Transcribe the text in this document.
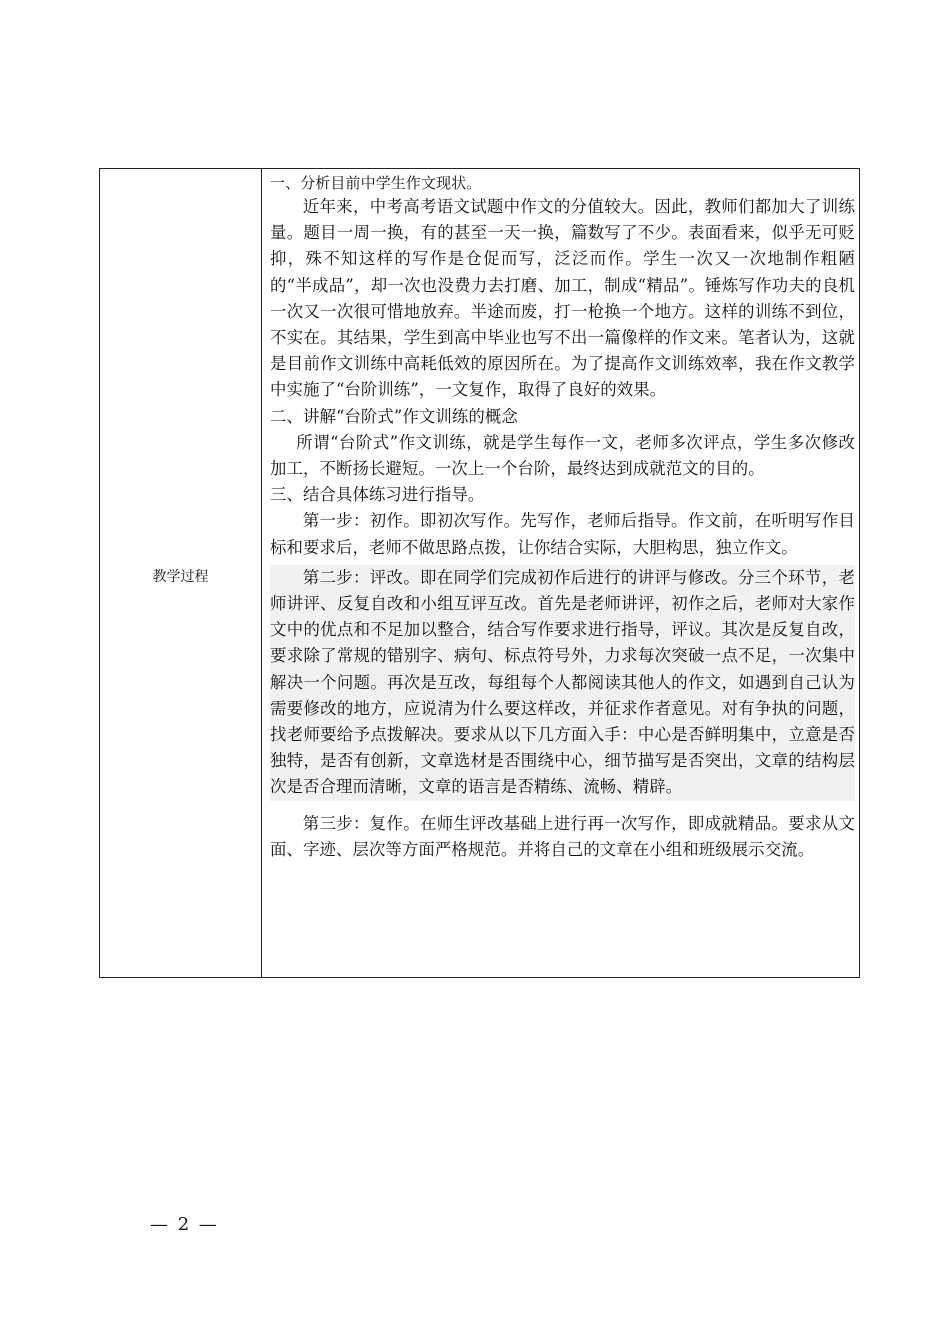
教学过程

一、分析目前中学生作文现状。

近年来，中考高考语文试题中作文的分值较大。因此，教师们都加大了训练量。题目一周一换，有的甚至一天一换，篇数写了不少。表面看来，似乎无可贬抑，殊不知这样的写作是仓促而写，泛泛而作。学生一次又一次地制作粗陋的“半成品”，却一次也没费力去打磨、加工，制成“精品”。锤炼写作功夫的良机一次又一次很可惜地放弃。半途而废，打一枪换一个地方。这样的训练不到位，不实在。其结果，学生到高中毕业也写不出一篇像样的作文来。笔者认为，这就是目前作文训练中高耗低效的原因所在。为了提高作文训练效率，我在作文教学中实施了“台阶训练”，一文复作，取得了良好的效果。

二、讲解“台阶式”作文训练的概念

所谓“台阶式”作文训练，就是学生每作一文，老师多次评点，学生多次修改加工，不断扬长避短。一次上一个台阶，最终达到成就范文的目的。

三、结合具体练习进行指导。

第一步：初作。即初次写作。先写作，老师后指导。作文前，在听明写作目标和要求后，老师不做思路点拨，让你结合实际，大胆构思，独立作文。

第二步：评改。即在同学们完成初作后进行的讲评与修改。分三个环节，老师讲评、反复自改和小组互评互改。首先是老师讲评，初作之后，老师对大家作文中的优点和不足加以整合，结合写作要求进行指导，评议。其次是反复自改，要求除了常规的错别字、病句、标点符号外，力求每次突破一点不足，一次集中解决一个问题。再次是互改，每组每个人都阅读其他人的作文，如遇到自己认为需要修改的地方，应说清为什么要这样改，并征求作者意见。对有争执的问题，找老师要给予点拨解决。要求从以下几方面入手：中心是否鲜明集中，立意是否独特，是否有创新，文章选材是否围绕中心，细节描写是否突出，文章的结构层次是否合理而清晰，文章的语言是否精练、流畅、精辟。

第三步：复作。在师生评改基础上进行再一次写作，即成就精品。要求从文面、字迹、层次等方面严格规范。并将自己的文章在小组和班级展示交流。

— 2 —
